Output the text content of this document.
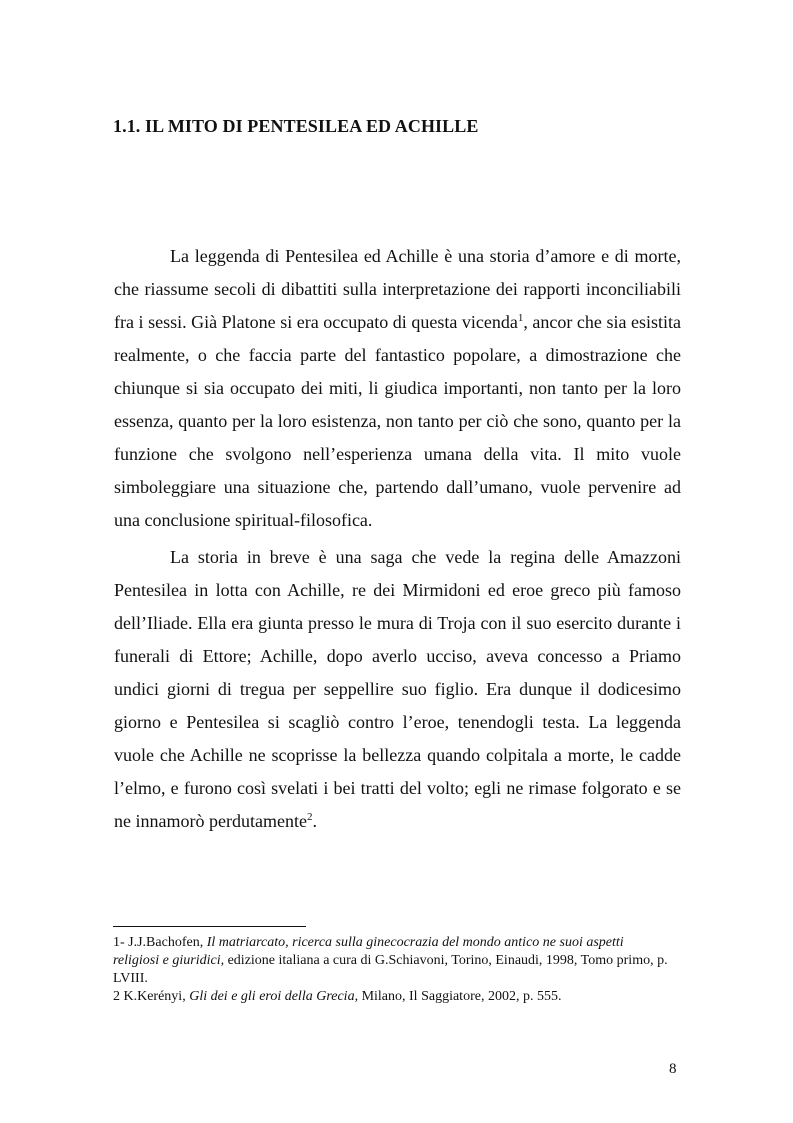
1.1. IL MITO DI PENTESILEA ED ACHILLE

La leggenda di Pentesilea ed Achille è una storia d’amore e di morte, che riassume secoli di dibattiti sulla interpretazione dei rapporti inconciliabili fra i sessi. Già Platone si era occupato di questa vicenda$^1$, ancor che sia esistita realmente, o che faccia parte del fantastico popolare, a dimostrazione che chiunque si sia occupato dei miti, li giudica importanti, non tanto per la loro essenza, quanto per la loro esistenza, non tanto per ciò che sono, quanto per la funzione che svolgono nell’esperienza umana della vita. Il mito vuole simboleggiare una situazione che, partendo dall’umano, vuole pervenire ad una conclusione spiritual-filosofica.

La storia in breve è una saga che vede la regina delle Amazzoni Pentesilea in lotta con Achille, re dei Mirmidoni ed eroe greco più famoso dell’Iliade. Ella era giunta presso le mura di Troja con il suo esercito durante i funerali di Ettore; Achille, dopo averlo ucciso, aveva concesso a Priamo undici giorni di tregua per seppellire suo figlio. Era dunque il dodicesimo giorno e Pentesilea si scagliò contro l’eroe, tenendogli testa. La leggenda vuole che Achille ne scoprisse la bellezza quando colpitala a morte, le cadde l’elmo, e furono così svelati i bei tratti del volto; egli ne rimase folgorato e se ne innamorò perdutamente$^2$.

1- J.J.Bachofen, Il matriarcato, ricerca sulla ginecocrazia del mondo antico ne suoi aspetti religiosi e giuridici, edizione italiana a cura di G.Schiavoni, Torino, Einaudi, 1998, Tomo primo, p. LVIII.

2 K.Kerényi, Gli dei e gli eroi della Grecia, Milano, Il Saggiatore, 2002, p. 555.

8
